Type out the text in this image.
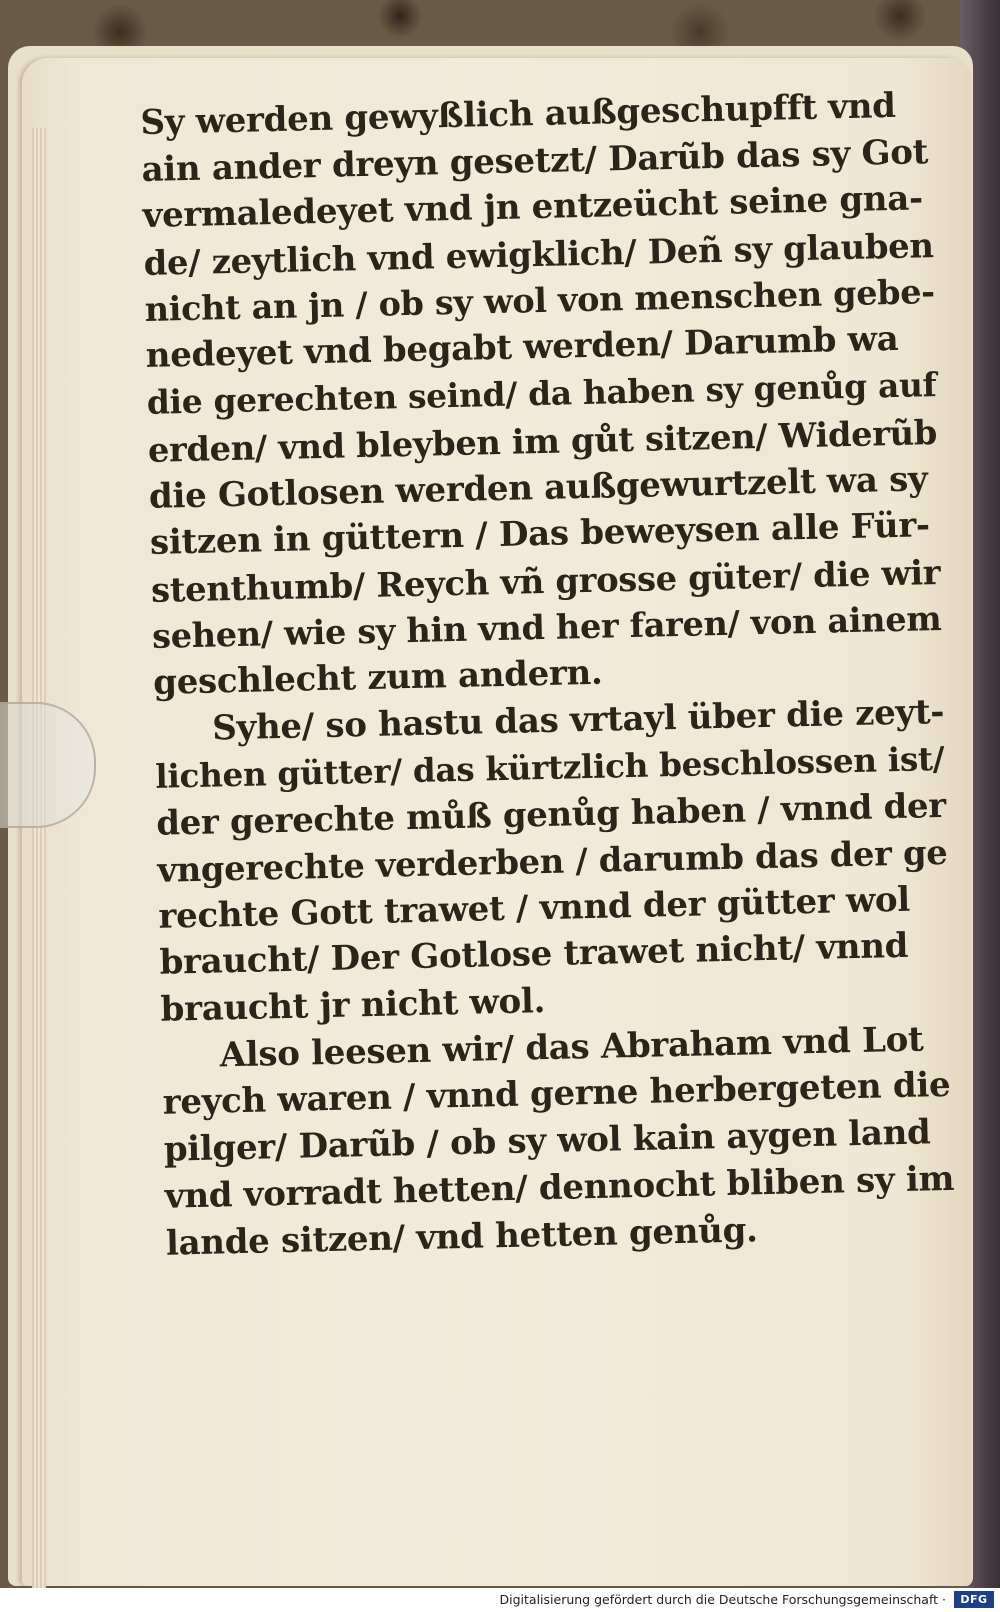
Sy werden gewyßlich außgeschupfft vnd
ain ander dreyn gesetzt/ Darũb das sy Got
vermaledeyet vnd jn entzeücht seine gna-
de/ zeytlich vnd ewigklich/ Deñ sy glauben
nicht an jn / ob sy wol von menschen gebe-
nedeyet vnd begabt werden/ Darumb wa
die gerechten seind/ da haben sy genůg auf
erden/ vnd bleyben im gůt sitzen/ Widerũb
die Gotlosen werden außgewurtzelt wa sy
sitzen in güttern / Das beweysen alle Für-
stenthumb/ Reych vñ grosse güter/ die wir
sehen/ wie sy hin vnd her faren/ von ainem
geschlecht zum andern.
Syhe/ so hastu das vrtayl über die zeyt-
lichen gütter/ das kürtzlich beschlossen ist/
der gerechte můß genůg haben / vnnd der
vngerechte verderben / darumb das der ge
rechte Gott trawet / vnnd der gütter wol
braucht/ Der Gotlose trawet nicht/ vnnd
braucht jr nicht wol.
Also leesen wir/ das Abraham vnd Lot
reych waren / vnnd gerne herbergeten die
pilger/ Darũb / ob sy wol kain aygen land
vnd vorradt hetten/ dennocht bliben sy im
lande sitzen/ vnd hetten genůg.
Digitalisierung gefördert durch die Deutsche Forschungsgemeinschaft ·	DFG
